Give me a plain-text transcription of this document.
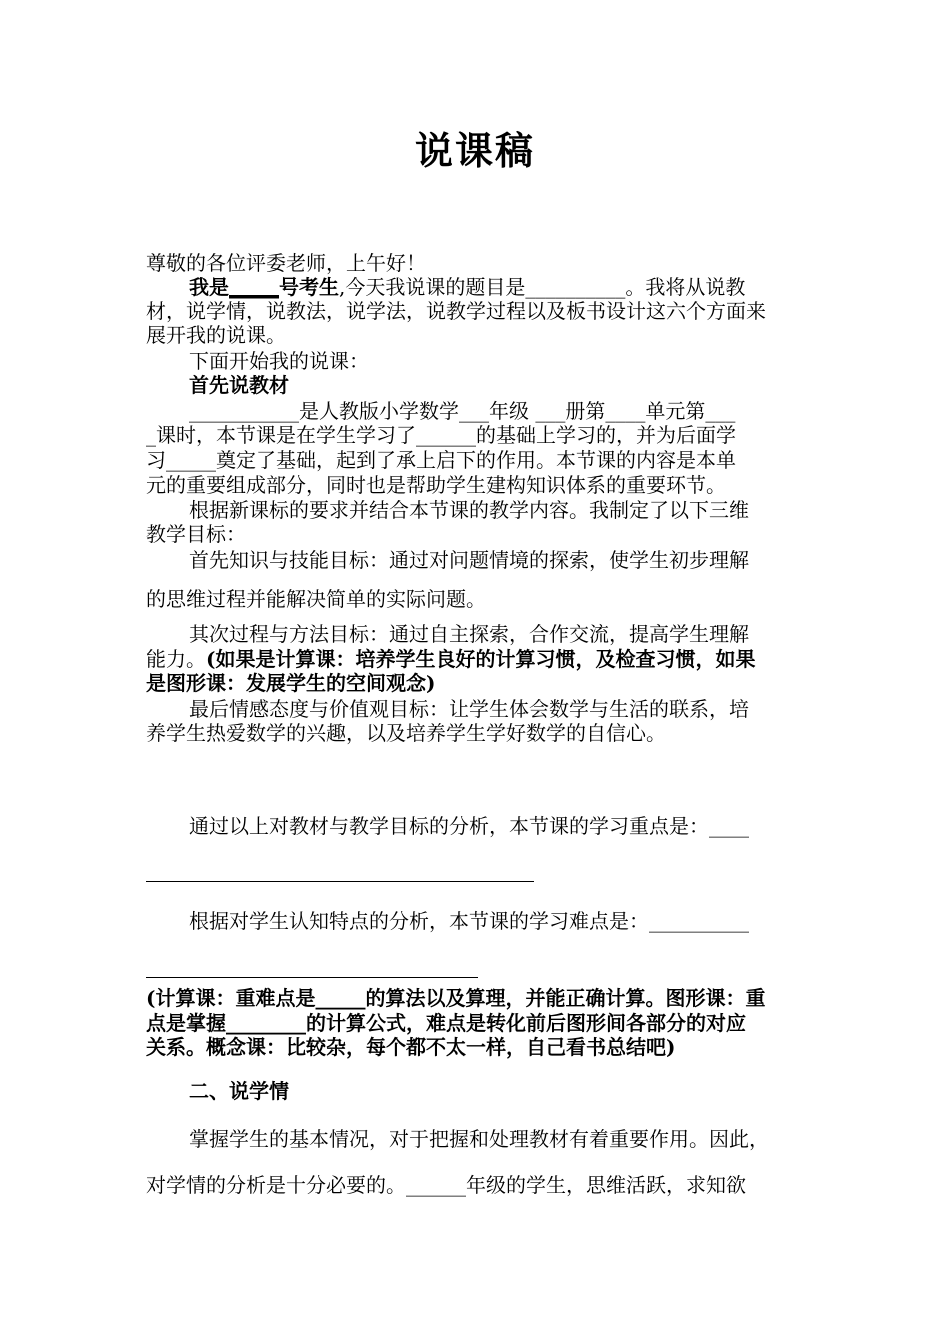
说课稿
尊敬的各位评委老师，上午好！
我是_____号考生,今天我说课的题目是__________。我将从说教
材，说学情，说教法，说学法，说教学过程以及板书设计这六个方面来
展开我的说课。
下面开始我的说课：
首先说教材
___________是人教版小学数学___年级 ___册第____单元第___
_课时，本节课是在学生学习了______的基础上学习的，并为后面学
习_____奠定了基础，起到了承上启下的作用。本节课的内容是本单
元的重要组成部分，同时也是帮助学生建构知识体系的重要环节。
根据新课标的要求并结合本节课的教学内容。我制定了以下三维
教学目标：
首先知识与技能目标：通过对问题情境的探索，使学生初步理解
的思维过程并能解决简单的实际问题。
其次过程与方法目标：通过自主探索，合作交流，提高学生理解
能力。(如果是计算课：培养学生良好的计算习惯，及检查习惯，如果
是图形课：发展学生的空间观念)
最后情感态度与价值观目标：让学生体会数学与生活的联系，培
养学生热爱数学的兴趣，以及培养学生学好数学的自信心。
通过以上对教材与教学目标的分析，本节课的学习重点是：____
根据对学生认知特点的分析，本节课的学习难点是：__________
(计算课：重难点是_____的算法以及算理，并能正确计算。图形课：重
点是掌握________的计算公式，难点是转化前后图形间各部分的对应
关系。概念课：比较杂，每个都不太一样，自己看书总结吧)
二、说学情
掌握学生的基本情况，对于把握和处理教材有着重要作用。因此，
对学情的分析是十分必要的。______年级的学生，思维活跃，求知欲
